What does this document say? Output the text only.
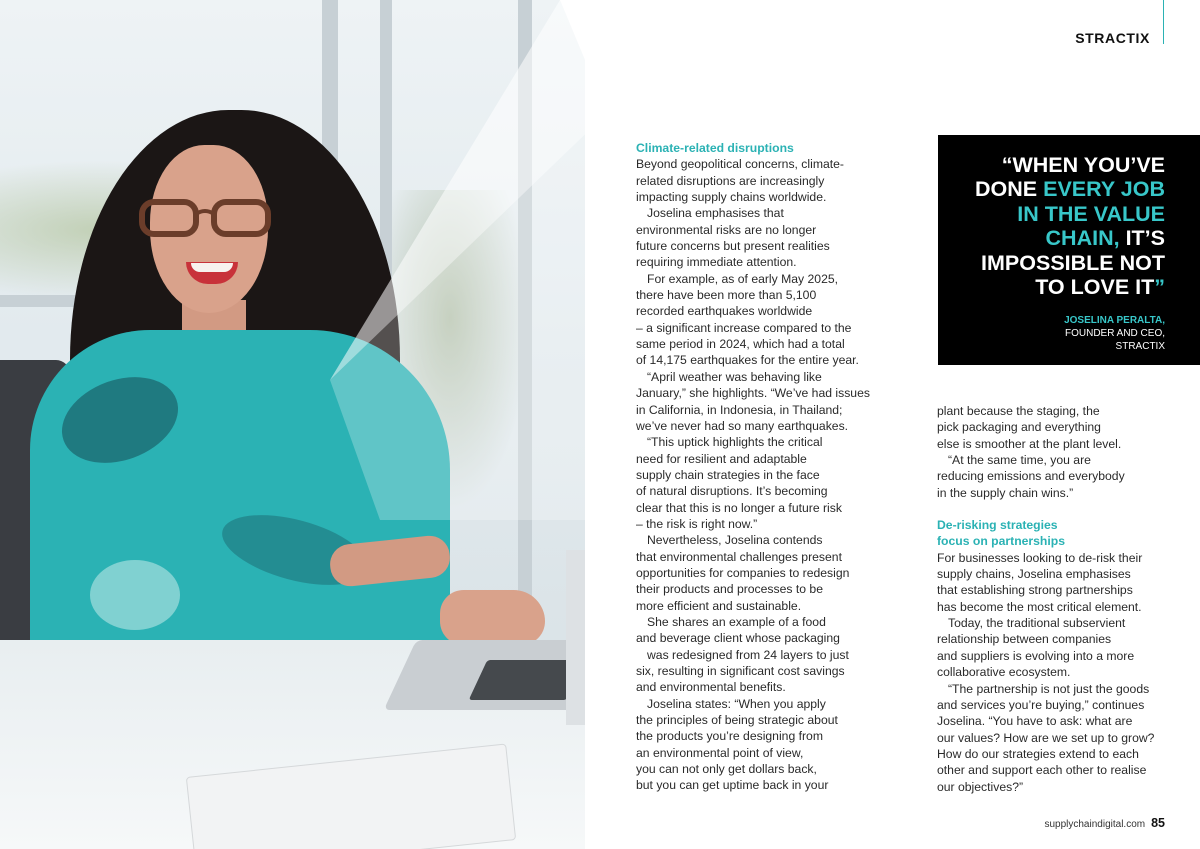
STRACTIX
Climate-related disruptions
Beyond geopolitical concerns, climate-
related disruptions are increasingly
impacting supply chains worldwide.
Joselina emphasises that
environmental risks are no longer
future concerns but present realities
requiring immediate attention.
For example, as of early May 2025,
there have been more than 5,100
recorded earthquakes worldwide
– a significant increase compared to the
same period in 2024, which had a total
of 14,175 earthquakes for the entire year.
“April weather was behaving like
January,” she highlights. “We’ve had issues
in California, in Indonesia, in Thailand;
we’ve never had so many earthquakes.
“This uptick highlights the critical
need for resilient and adaptable
supply chain strategies in the face
of natural disruptions. It’s becoming
clear that this is no longer a future risk
– the risk is right now.”
Nevertheless, Joselina contends
that environmental challenges present
opportunities for companies to redesign
their products and processes to be
more efficient and sustainable.
She shares an example of a food
and beverage client whose packaging
was redesigned from 24 layers to just
six, resulting in significant cost savings
and environmental benefits.
Joselina states: “When you apply
the principles of being strategic about
the products you’re designing from
an environmental point of view,
you can not only get dollars back,
but you can get uptime back in your
“WHEN YOU’VE
DONE EVERY JOB
IN THE VALUE
CHAIN, IT’S
IMPOSSIBLE NOT
TO LOVE IT”
JOSELINA PERALTA,
FOUNDER AND CEO,
STRACTIX
plant because the staging, the
pick packaging and everything
else is smoother at the plant level.
“At the same time, you are
reducing emissions and everybody
in the supply chain wins.”
De-risking strategies
focus on partnerships
For businesses looking to de-risk their
supply chains, Joselina emphasises
that establishing strong partnerships
has become the most critical element.
Today, the traditional subservient
relationship between companies
and suppliers is evolving into a more
collaborative ecosystem.
“The partnership is not just the goods
and services you’re buying,” continues
Joselina. “You have to ask: what are
our values? How are we set up to grow?
How do our strategies extend to each
other and support each other to realise
our objectives?”
supplychaindigital.com 85
